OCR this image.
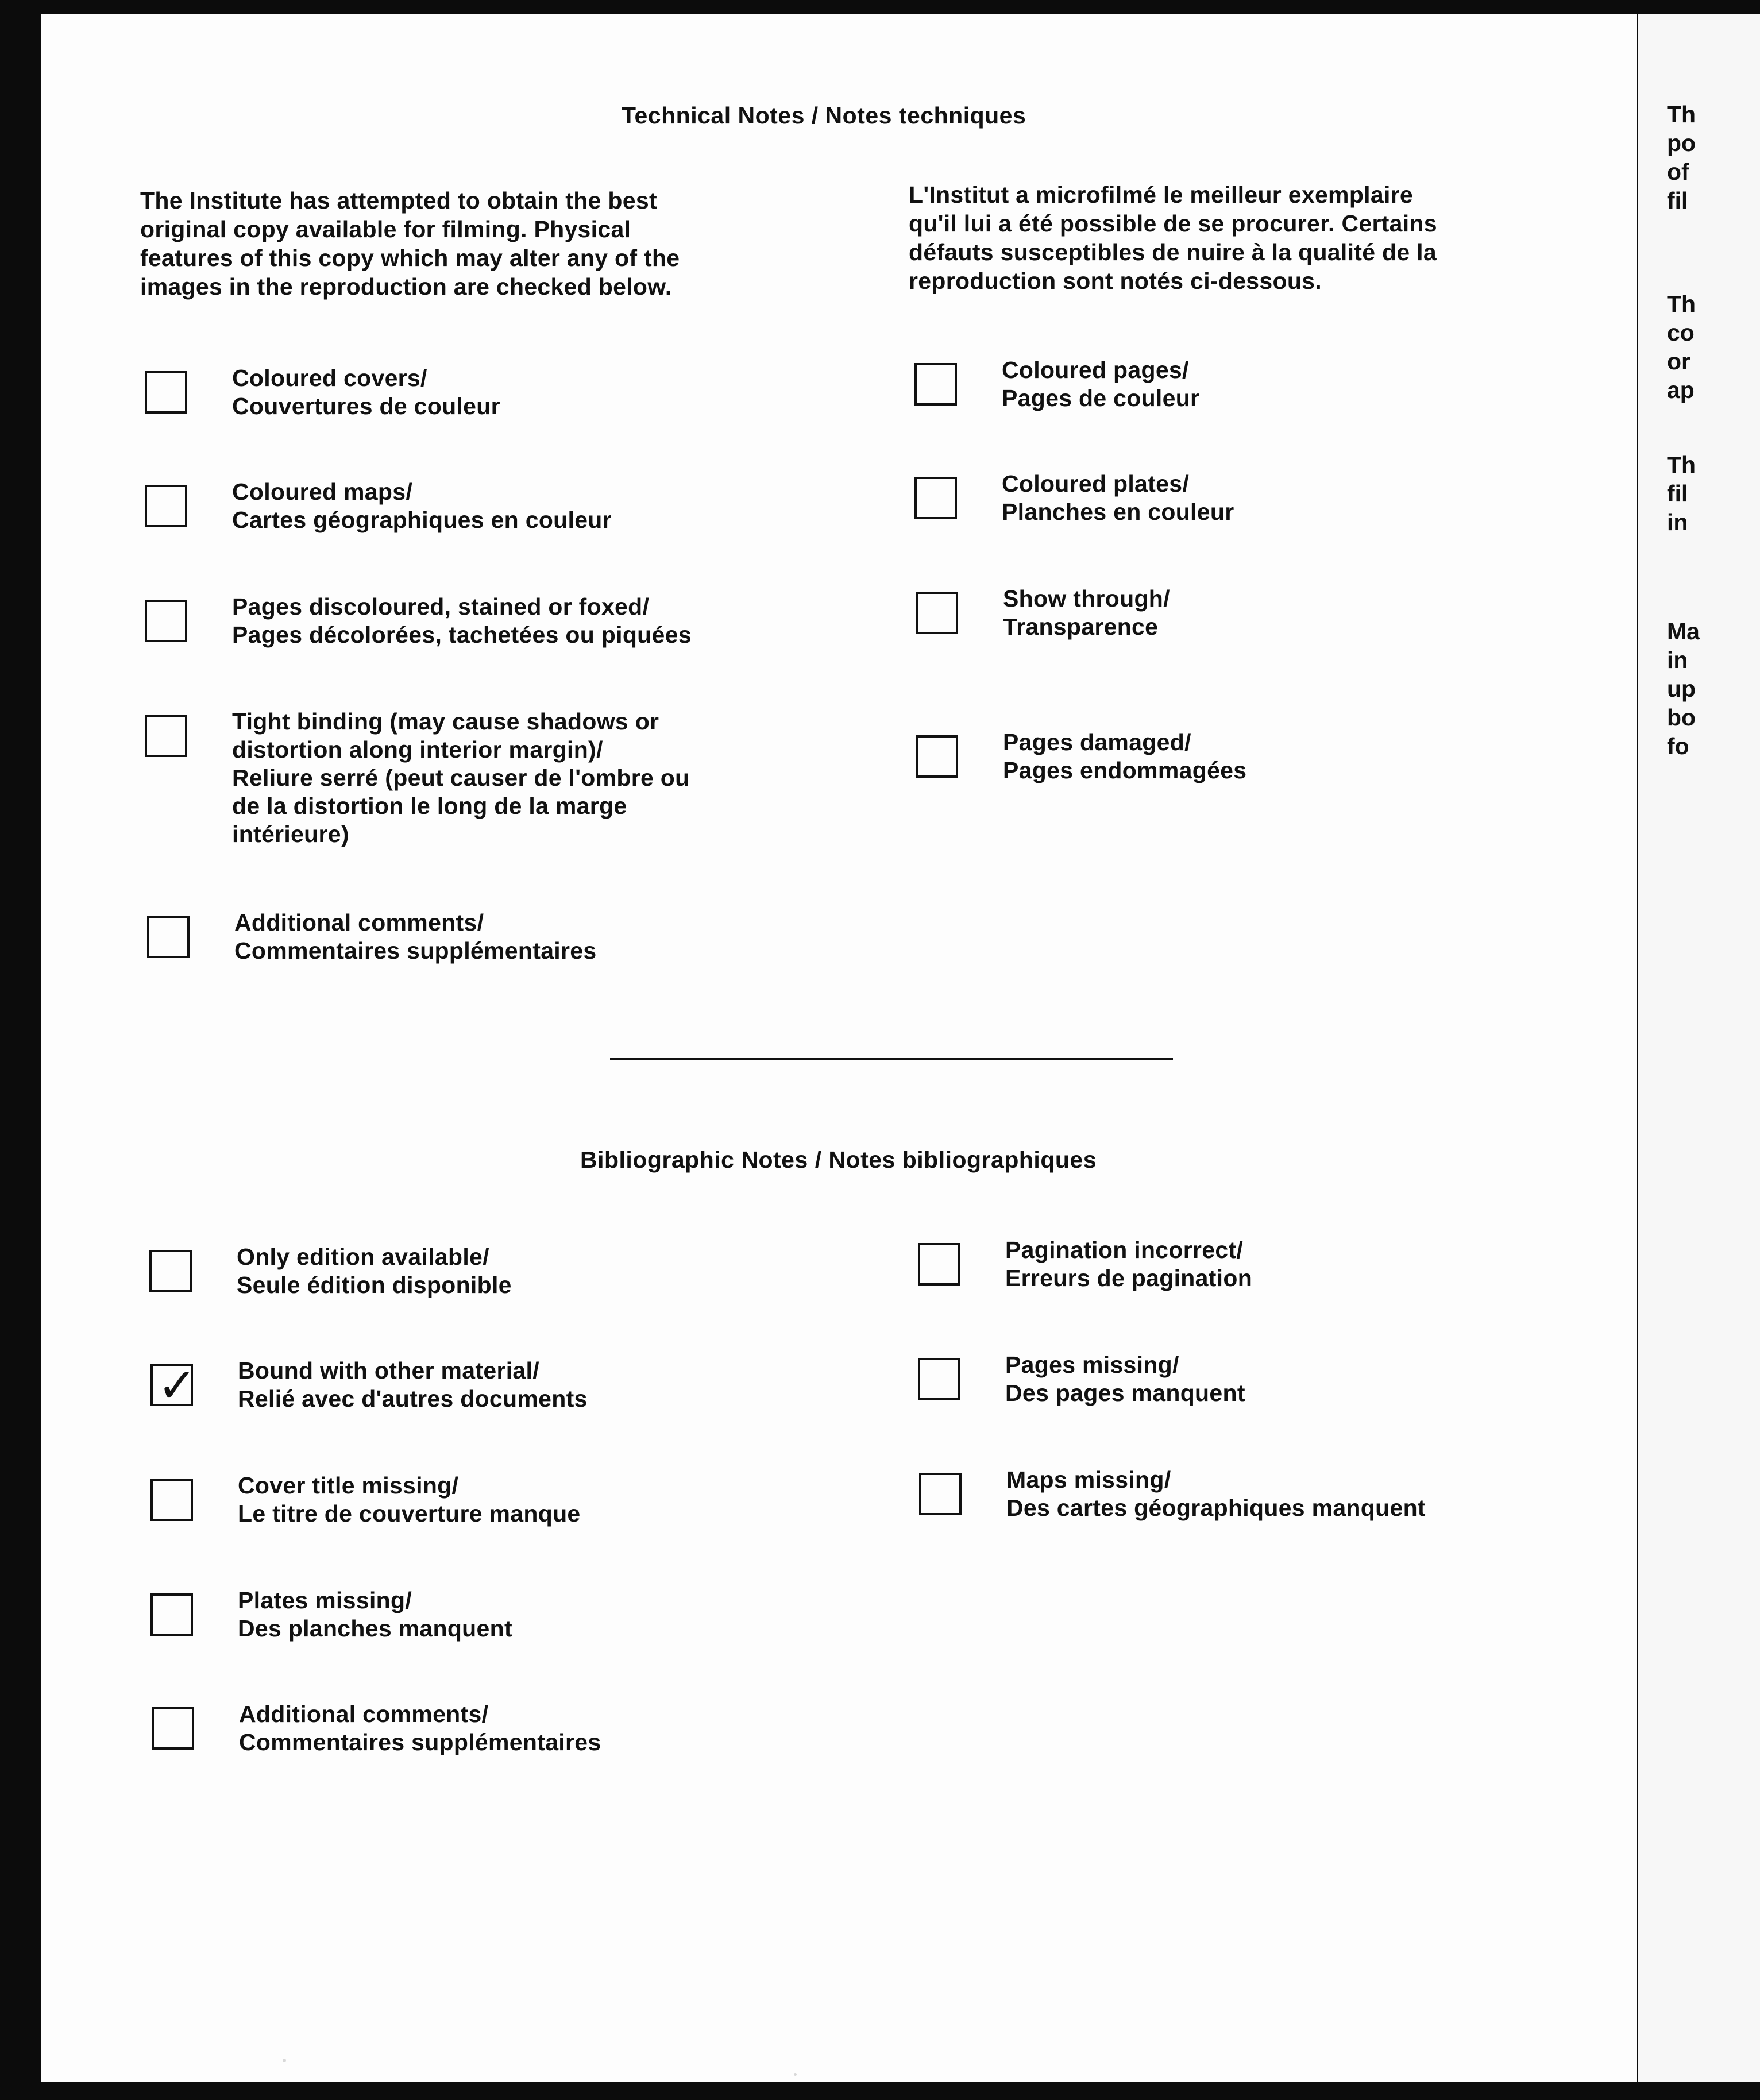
Technical Notes / Notes techniques

The Institute has attempted to obtain the best
original copy available for filming. Physical
features of this copy which may alter any of the
images in the reproduction are checked below.

L'Institut a microfilmé le meilleur exemplaire
qu'il lui a été possible de se procurer. Certains
défauts susceptibles de nuire à la qualité de la
reproduction sont notés ci-dessous.

Coloured covers/
Couvertures de couleur
Coloured maps/
Cartes géographiques en couleur
Pages discoloured, stained or foxed/
Pages décolorées, tachetées ou piquées
Tight binding (may cause shadows or
distortion along interior margin)/
Reliure serré (peut causer de l'ombre ou
de la distortion le long de la marge
intérieure)
Additional comments/
Commentaires supplémentaires
Coloured pages/
Pages de couleur
Coloured plates/
Planches en couleur
Show through/
Transparence
Pages damaged/
Pages endommagées
Bibliographic Notes / Notes bibliographiques
Only edition available/
Seule édition disponible
✓ Bound with other material/
Relié avec d'autres documents
Cover title missing/
Le titre de couverture manque
Plates missing/
Des planches manquent
Additional comments/
Commentaires supplémentaires
Pagination incorrect/
Erreurs de pagination
Pages missing/
Des pages manquent
Maps missing/
Des cartes géographiques manquent

Th

po

of

fil

Th

co

or

ap

Th

fil

in

Ma

in

up

bo

fo
